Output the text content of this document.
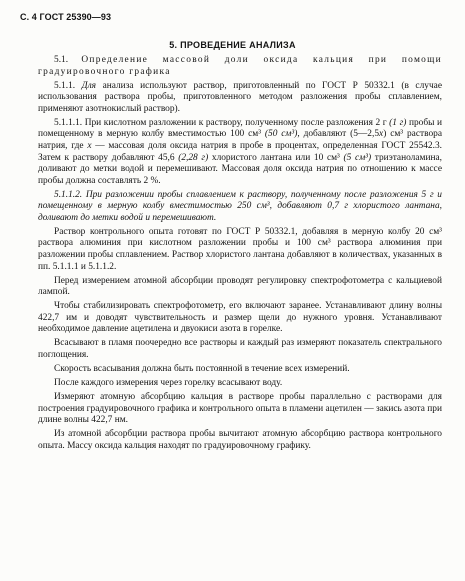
С. 4 ГОСТ 25390—93
5. ПРОВЕДЕНИЕ АНАЛИЗА

5.1. Определение массовой доли оксида кальция при помощи градуировочного графика

5.1.1. Для анализа используют раствор, приготовленный по ГОСТ Р 50332.1 (в случае использования раствора пробы, приготовленного методом разложения пробы сплавлением, применяют азотнокислый раствор).

5.1.1.1. При кислотном разложении к раствору, полученному после разложения 2 г (1 г) пробы и помещенному в мерную колбу вместимостью 100 см³ (50 см³), добавляют (5—2,5х) см³ раствора натрия, где х — массовая доля оксида натрия в пробе в процентах, определенная ГОСТ 25542.3. Затем к раствору добавляют 45,6 (2,28 г) хлористого лантана или 10 см³ (5 см³) триэтаноламина, доливают до метки водой и перемешивают. Массовая доля оксида натрия по отношению к массе пробы должна составлять 2 %.

5.1.1.2. При разложении пробы сплавлением к раствору, полученному после разложения 5 г и помещенному в мерную колбу вместимостью 250 см³, добавляют 0,7 г хлористого лантана, доливают до метки водой и перемешивают.

Раствор контрольного опыта готовят по ГОСТ Р 50332.1, добавляя в мерную колбу 20 см³ раствора алюминия при кислотном разложении пробы и 100 см³ раствора алюминия при разложении пробы сплавлением. Раствор хлористого лантана добавляют в количествах, указанных в пп. 5.1.1.1 и 5.1.1.2.

Перед измерением атомной абсорбции проводят регулировку спектрофотометра с кальциевой лампой.

Чтобы стабилизировать спектрофотометр, его включают заранее. Устанавливают длину волны 422,7 им и доводят чувствительность и размер щели до нужного уровня. Устанавливают необходимое давление ацетилена и двуокиси азота в горелке.

Всасывают в пламя поочередно все растворы и каждый раз измеряют показатель спектрального поглощения.

Скорость всасывания должна быть постоянной в течение всех измерений.

После каждого измерения через горелку всасывают воду.

Измеряют атомную абсорбцию кальция в растворе пробы параллельно с растворами для построения градуировочного графика и контрольного опыта в пламени ацетилен — закись азота при длине волны 422,7 нм.

Из атомной абсорбции раствора пробы вычитают атомную абсорбцию раствора контрольного опыта. Массу оксида кальция находят по градуировочному графику.
